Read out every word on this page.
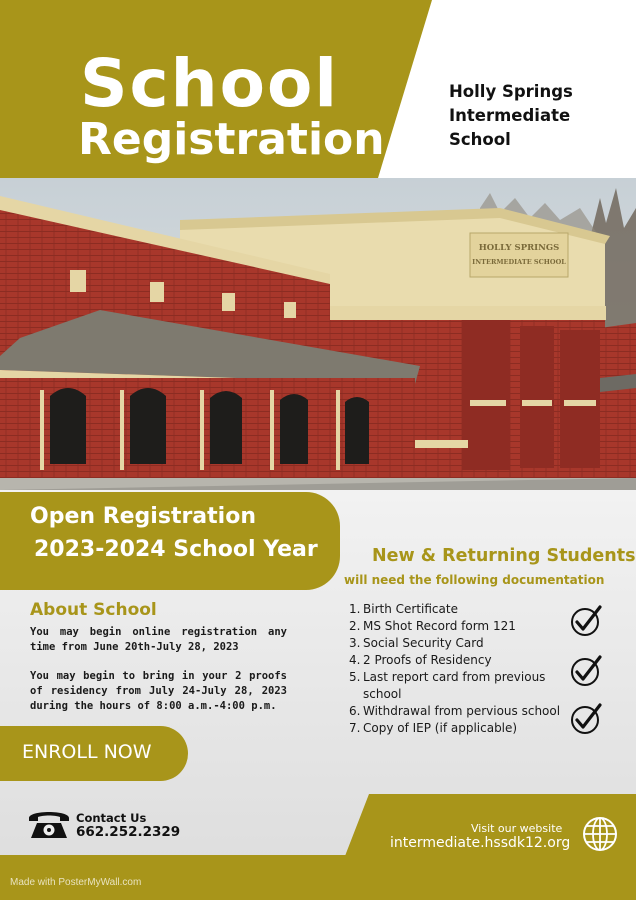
School
Registration
Holly Springs Intermediate School
HOLLY SPRINGS
INTERMEDIATE SCHOOL
Open Registration
2023-2024 School Year
About School
You may begin online registration any time from June 20th-July 28, 2023
You may begin to bring in your 2 proofs of residency from July 24-July 28, 2023 during the hours of 8:00 a.m.-4:00 p.m.
ENROLL NOW
New & Returning Students
will need the following documentation
1. Birth Certificate
2. MS Shot Record form 121
3. Social Security Card
4. 2 Proofs of Residency
5. Last report card from previous school
6. Withdrawal from pervious school
7. Copy of IEP (if applicable)
Visit our website
intermediate.hssdk12.org
Contact Us
662.252.2329
Made with PosterMyWall.com
